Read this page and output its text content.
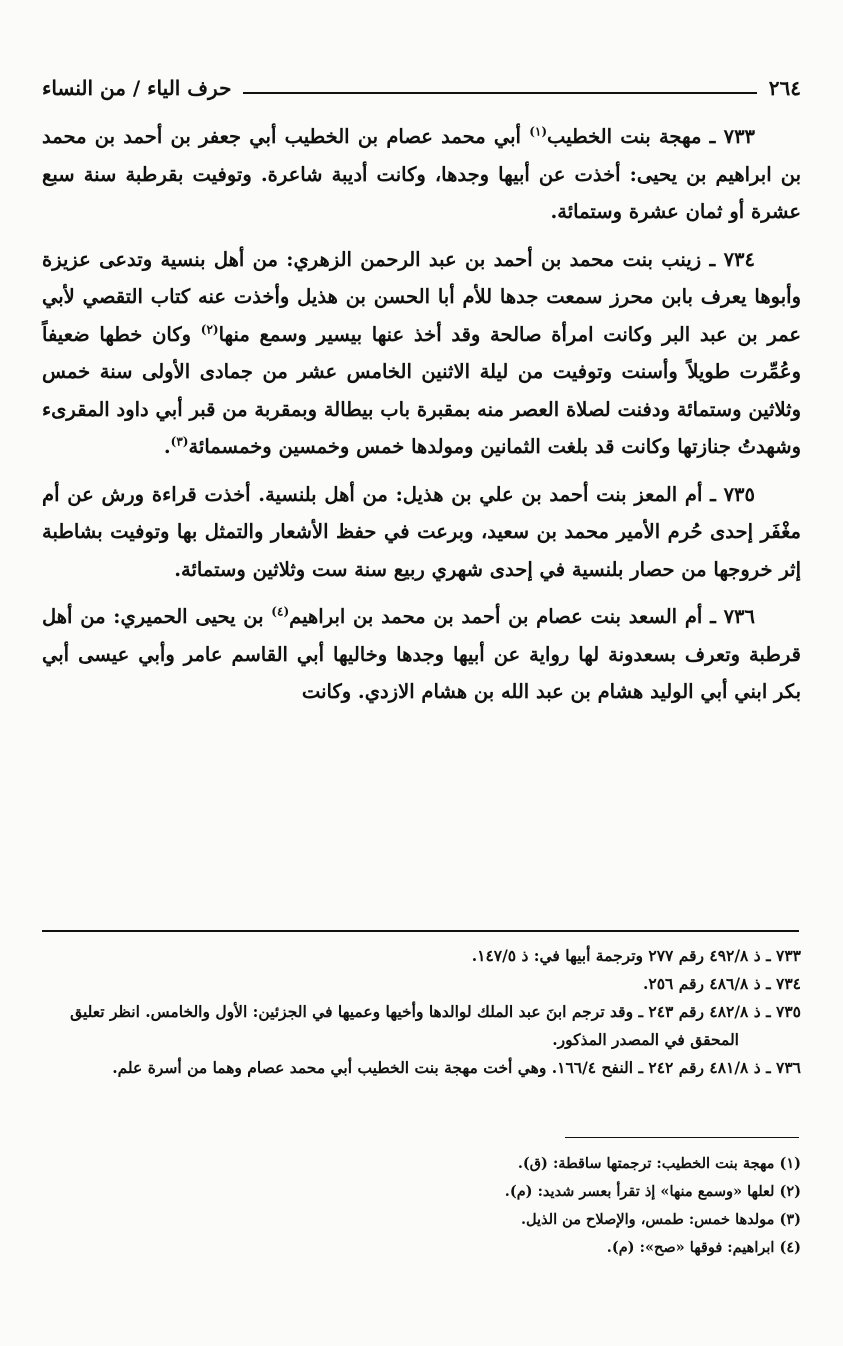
٢٦٤
حرف الياء / من النساء

٧٣٣ ـ مهجة بنت الخطيب$^{(١)}$ أبي محمد عصام بن الخطيب أبي جعفر بن أحمد بن محمد بن ابراهيم بن يحيى: أخذت عن أبيها وجدها، وكانت أديبة شاعرة. وتوفيت بقرطبة سنة سبع عشرة أو ثمان عشرة وستمائة.

٧٣٤ ـ زينب بنت محمد بن أحمد بن عبد الرحمن الزهري: من أهل بنسية وتدعى عزيزة وأبوها يعرف بابن محرز سمعت جدها للأم أبا الحسن بن هذيل وأخذت عنه كتاب التقصي لأبي عمر بن عبد البر وكانت امرأة صالحة وقد أخذ عنها بيسير وسمع منها$^{(٢)}$ وكان خطها ضعيفاً وعُمِّرت طويلاً وأسنت وتوفيت من ليلة الاثنين الخامس عشر من جمادى الأولى سنة خمس وثلاثين وستمائة ودفنت لصلاة العصر منه بمقبرة باب بيطالة وبمقربة من قبر أبي داود المقرىء وشهدتُ جنازتها وكانت قد بلغت الثمانين ومولدها خمس وخمسين وخمسمائة$^{(٣)}$.

٧٣٥ ـ أم المعز بنت أحمد بن علي بن هذيل: من أهل بلنسية. أخذت قراءة ورش عن أم مغْفَر إحدى حُرم الأمير محمد بن سعيد، وبرعت في حفظ الأشعار والتمثل بها وتوفيت بشاطبة إثر خروجها من حصار بلنسية في إحدى شهري ربيع سنة ست وثلاثين وستمائة.

٧٣٦ ـ أم السعد بنت عصام بن أحمد بن محمد بن ابراهيم$^{(٤)}$ بن يحيى الحميري: من أهل قرطبة وتعرف بسعدونة لها رواية عن أبيها وجدها وخاليها أبي القاسم عامر وأبي عيسى أبي بكر ابني أبي الوليد هشام بن عبد الله بن هشام الازدي. وكانت

٧٣٣ ـ ذ ٤٩٢/٨ رقم ٢٧٧ وترجمة أبيها في: ذ ١٤٧/٥.

٧٣٤ ـ ذ ٤٨٦/٨ رقم ٢٥٦.

٧٣٥ ـ ذ ٤٨٢/٨ رقم ٢٤٣ ـ وقد ترجم ابنَ عبد الملك لوالدها وأخيها وعميها في الجزئين: الأول والخامس. انظر تعليق المحقق في المصدر المذكور.

٧٣٦ ـ ذ ٤٨١/٨ رقم ٢٤٢ ـ النفح ١٦٦/٤. وهي أخت مهجة بنت الخطيب أبي محمد عصام وهما من أسرة علم.

(١) مهجة بنت الخطيب: ترجمتها ساقطة: (ق).

(٢) لعلها «وسمع منها» إذ تقرأ بعسر شديد: (م).

(٣) مولدها خمس: طمس، والإصلاح من الذيل.

(٤) ابراهيم: فوقها «صح»: (م).
